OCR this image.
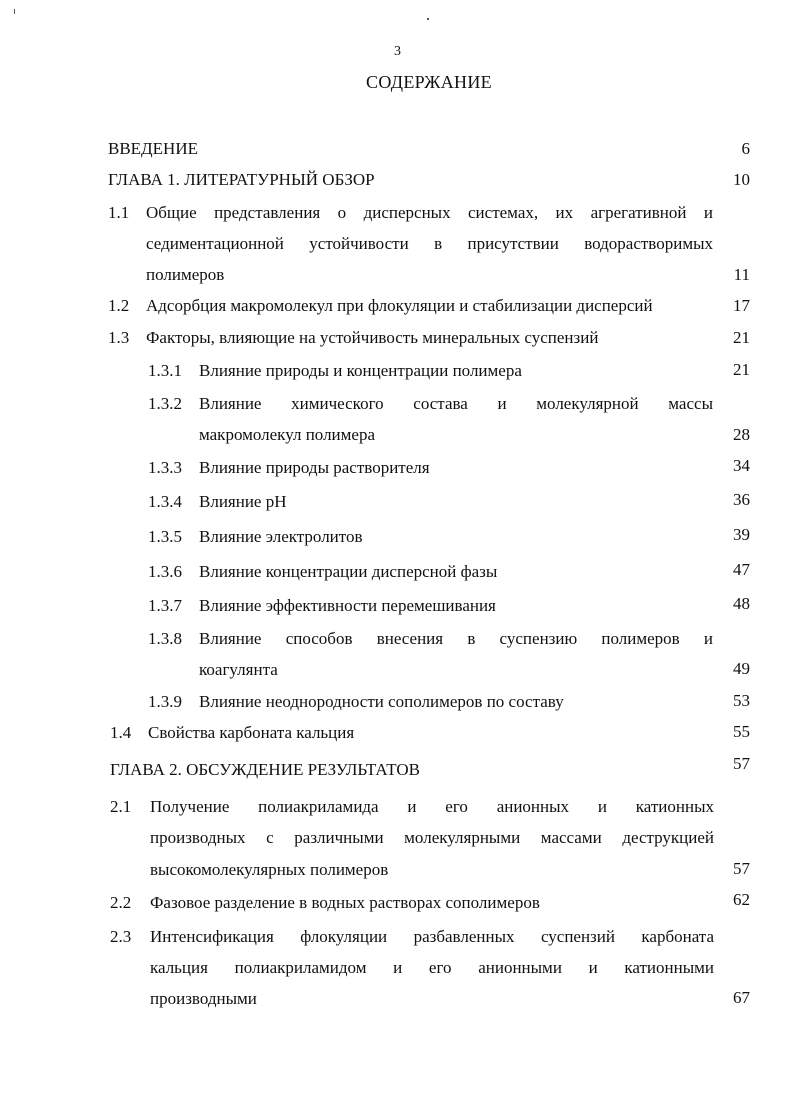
3
СОДЕРЖАНИЕ
ВВЕДЕНИЕ	6
ГЛАВА 1. ЛИТЕРАТУРНЫЙ ОБЗОР	10
1.1 Общие представления о дисперсных системах, их агрегативной и
седиментационной устойчивости в присутствии водорастворимых
полимеров	11
1.2 Адсорбция макромолекул при флокуляции и стабилизации дисперсий	17
1.3 Факторы, влияющие на устойчивость минеральных суспензий	21
1.3.1 Влияние природы и концентрации полимера	21
1.3.2 Влияние химического состава и молекулярной массы
макромолекул полимера	28
1.3.3 Влияние природы растворителя	34
1.3.4 Влияние pH	36
1.3.5 Влияние электролитов	39
1.3.6 Влияние концентрации дисперсной фазы	47
1.3.7 Влияние эффективности перемешивания	48
1.3.8 Влияние способов внесения в суспензию полимеров и
коагулянта	49
1.3.9 Влияние неоднородности сополимеров по составу	53
1.4 Свойства карбоната кальция	55
ГЛАВА 2. ОБСУЖДЕНИЕ РЕЗУЛЬТАТОВ	57
2.1 Получение полиакриламида и его анионных и катионных
производных с различными молекулярными массами деструкцией
высокомолекулярных полимеров	57
2.2 Фазовое разделение в водных растворах сополимеров	62
2.3 Интенсификация флокуляции разбавленных суспензий карбоната
кальция полиакриламидом и его анионными и катионными
производными	67
